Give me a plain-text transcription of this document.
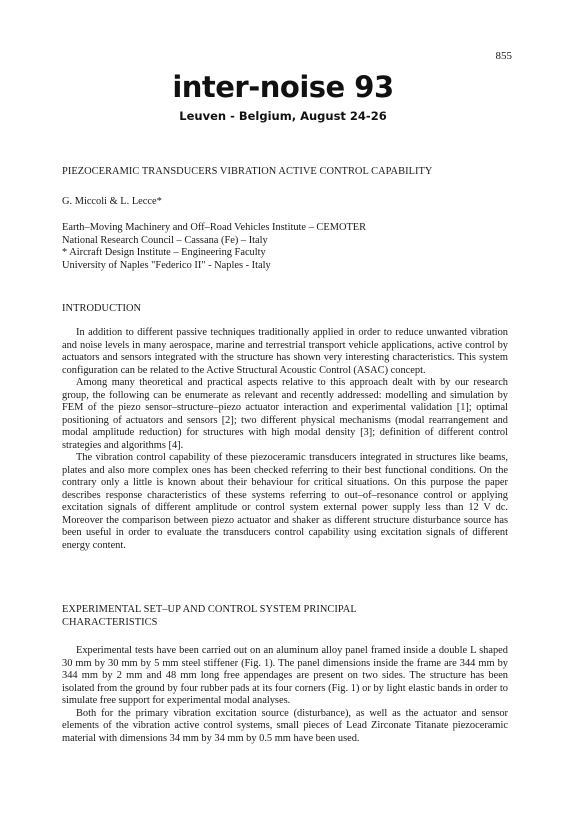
855
inter-noise 93
Leuven - Belgium, August 24-26
PIEZOCERAMIC TRANSDUCERS VIBRATION ACTIVE CONTROL CAPABILITY
G. Miccoli & L. Lecce*
Earth–Moving Machinery and Off–Road Vehicles Institute – CEMOTER
National Research Council – Cassana (Fe) – Italy
* Aircraft Design Institute – Engineering Faculty
University of Naples "Federico II" - Naples - Italy
INTRODUCTION

In addition to different passive techniques traditionally applied in order to reduce unwanted vibration and noise levels in many aerospace, marine and terrestrial transport vehicle applications, active control by actuators and sensors integrated with the structure has shown very interesting characteristics. This system configuration can be related to the Active Structural Acoustic Control (ASAC) concept.

Among many theoretical and practical aspects relative to this approach dealt with by our research group, the following can be enumerate as relevant and recently addressed: modelling and simulation by FEM of the piezo sensor–structure–piezo actuator interaction and experimental validation [1]; optimal positioning of actuators and sensors [2]; two different physical mechanisms (modal rearrangement and modal amplitude reduction) for structures with high modal density [3]; definition of different control strategies and algorithms [4].

The vibration control capability of these piezoceramic transducers integrated in structures like beams, plates and also more complex ones has been checked referring to their best functional conditions. On the contrary only a little is known about their behaviour for critical situations. On this purpose the paper describes response characteristics of these systems referring to out–of–resonance control or applying excitation signals of different amplitude or control system external power supply less than 12 V dc. Moreover the comparison between piezo actuator and shaker as different structure disturbance source has been useful in order to evaluate the transducers control capability using excitation signals of different energy content.

EXPERIMENTAL SET–UP AND CONTROL SYSTEM PRINCIPAL
CHARACTERISTICS

Experimental tests have been carried out on an aluminum alloy panel framed inside a double L shaped 30 mm by 30 mm by 5 mm steel stiffener (Fig. 1). The panel dimensions inside the frame are 344 mm by 344 mm by 2 mm and 48 mm long free appendages are present on two sides. The structure has been isolated from the ground by four rubber pads at its four corners (Fig. 1) or by light elastic bands in order to simulate free support for experimental modal analyses.

Both for the primary vibration excitation source (disturbance), as well as the actuator and sensor elements of the vibration active control systems, small pieces of Lead Zirconate Titanate piezoceramic material with dimensions 34 mm by 34 mm by 0.5 mm have been used.
